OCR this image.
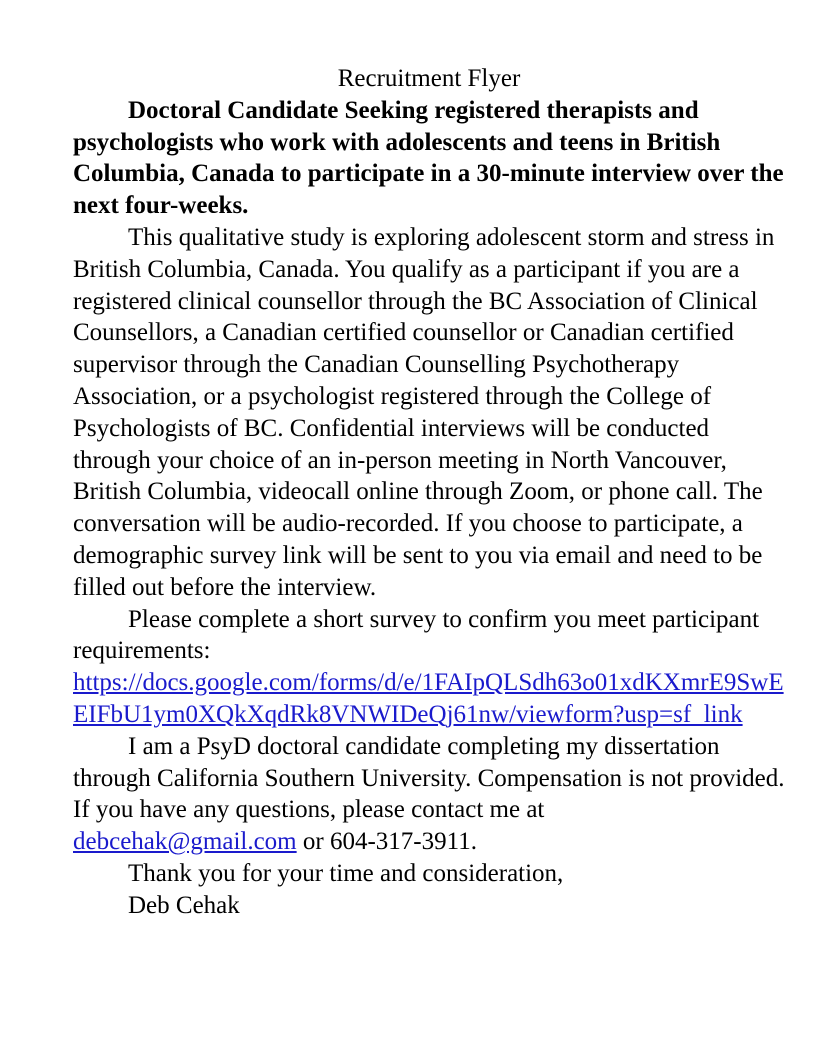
Recruitment Flyer

Doctoral Candidate Seeking registered therapists and psychologists who work with adolescents and teens in British Columbia, Canada to participate in a 30-minute interview over the next four-weeks.

This qualitative study is exploring adolescent storm and stress in British Columbia, Canada. You qualify as a participant if you are a registered clinical counsellor through the BC Association of Clinical Counsellors, a Canadian certified counsellor or Canadian certified supervisor through the Canadian Counselling Psychotherapy Association, or a psychologist registered through the College of Psychologists of BC. Confidential interviews will be conducted through your choice of an in-person meeting in North Vancouver, British Columbia, videocall online through Zoom, or phone call. The conversation will be audio-recorded. If you choose to participate, a demographic survey link will be sent to you via email and need to be filled out before the interview.

Please complete a short survey to confirm you meet participant requirements:
https://docs.google.com/forms/d/e/1FAIpQLSdh63o01xdKXmrE9SwEEIFbU1ym0XQkXqdRk8VNWIDeQj61nw/viewform?usp=sf_link

I am a PsyD doctoral candidate completing my dissertation through California Southern University. Compensation is not provided. If you have any questions, please contact me at
debcehak@gmail.com or 604-317-3911.

Thank you for your time and consideration,

Deb Cehak
